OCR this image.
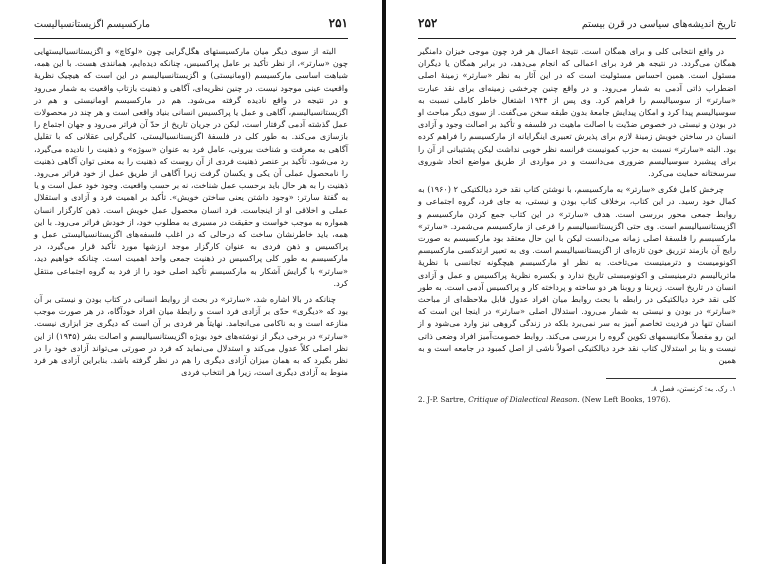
۲۵۱
مارکسیسم اگزیستانسیالیست

البته از سوی دیگر میان مارکسیستهای هگل‌گرایی چون «لوکاچ» و اگزیستانسیالیستهایی چون «سارتر»، از نظر تأکید بر عامل پراکسیس، چنانکه دیده‌ایم، همانندی هست. با این همه، شباهت اساسی مارکسیسم (اومانیستی) و اگزیستانسیالیسم در این است که هیچیک نظریهٔ واقعیت عینی موجود نیست. در چنین نظریه‌ای، آگاهی و ذهنیت بازتاب واقعیت به شمار می‌رود و در نتیجه در واقع نادیده گرفته می‌شود. هم در مارکسیسم اومانیستی و هم در اگزیستانسیالیسم، آگاهی و عمل یا پراکسیس انسانی بنیاد واقعی است و هر چند در محصولات عمل گذشته آدمی گرفتار است، لیکن در جریان تاریخ از حدّ آن فراتر می‌رود و جهان اجتماع را بازسازی می‌کند. به طور کلی در فلسفهٔ اگزیستانسیالیستی، کلی‌گرایی عقلانی که با تقلیل آگاهی به معرفت و شناخت بیرونی، عامل فرد به عنوان «سوژه» و ذهنیت را نادیده می‌گیرد، رد می‌شود. تأکید بر عنصر ذهنیت فردی از آن روست که ذهنیت را به معنی توان آگاهی ذهنیت را نامحصول عملی آن یکی و یکسان گرفت زیرا آگاهی از طریق عمل از خود فراتر می‌رود. ذهنیت را به هر حال باید برحسب عمل شناخت، نه بر حسب واقعیت. وجود خود عمل است و یا به گفتهٔ سارتر: «وجود داشتن یعنی ساختن خویش». تأکید بر اهمیت فرد و آزادی و استقلال عملی و اخلاقی او از اینجاست. فرد انسان محصول عمل خویش است. ذهن کارگزار انسان همواره به موجب خواست و حقیقت در مسیری به مطلوب خود، از خودش فراتر می‌رود. با این همه، باید خاطرنشان ساخت که درحالی که در اغلب فلسفه‌های اگزیستانسیالیستی عمل و پراکسیس و ذهن فردی به عنوان کارگزار موجد ارزشها مورد تأکید قرار می‌گیرد، در مارکسیسم به طور کلی پراکسیس در ذهنیت جمعی واحد اهمیت است. چنانکه خواهیم دید، «سارتر» با گرایش آشکار به مارکسیسم تأکید اصلی خود را از فرد به گروه اجتماعی منتقل کرد.

چنانکه در بالا اشاره شد، «سارتر» در بحث از روابط انسانی در کتاب بودن و نیستی بر آن بود که «دیگری» حدّی بر آزادی فرد است و رابطهٔ میان افراد خودآگاه، در هر صورت موجب منازعه است و به ناکامی می‌انجامد. نهایتاً هر فردی بر آن است که دیگری جز ابزاری نیست. «سارتر» در برخی دیگر از نوشته‌های خود بویژه اگزیستانسیالیسم و اصالت بشر (۱۹۴۵) از این نظر اصلی کلاً عدول می‌کند و استدلال می‌نماید که فرد در صورتی می‌تواند آزادی خود را در نظر بگیرد که به همان میزان آزادی دیگری را هم در نظر گرفته باشد. بنابراین آزادی هر فرد منوط به آزادی دیگری است، زیرا هر انتخاب فردی

تاریخ اندیشه‌های سیاسی در قرن بیستم
۲۵۲

در واقع انتخابی کلی و برای همگان است. نتیجهٔ اعمال هر فرد چون موجی خیزان دامنگیر همگان می‌گردد. در نتیجه هر فرد برای اعمالی که انجام می‌دهد، در برابر همگان یا دیگران مسئول است. همین احساس مسئولیت است که در این آثار به نظر «سارتر» زمینهٔ اصلی اضطراب ذاتی آدمی به شمار می‌رود. و در واقع چنین چرخشی زمینه‌ای برای نقد عبارت «سارتر» از سوسیالیسم را فراهم کرد. وی پس از ۱۹۴۴ اشتغال خاطر کاملی نسبت به سوسیالیسم پیدا کرد و امکان پیدایش جامعهٔ بدون طبقه سخن می‌گفت. از سوی دیگر مباحث او در بودن و نیستی در خصوص ضدّیت با اصالت ماهیت در فلسفه و تأکید بر اصالت وجود و آزادی انسان در ساختن خویش زمینهٔ لازم برای پذیرش تعبیری اینگرایانه از مارکسیسم را فراهم کرده بود. البته «سارتر» نسبت به حزب کمونیست فرانسه نظر خوبی نداشت لیکن پشتیبانی از آن را برای پیشبرد سوسیالیسم ضروری می‌دانست و در مواردی از طریق مواضع اتحاد شوروی سرسختانه حمایت می‌کرد.

چرخش کامل فکری «سارتر» به مارکسیسم، با نوشتن کتاب نقد خرد دیالکتیکی ۲ (۱۹۶۰) به کمال خود رسید. در این کتاب، برخلاف کتاب بودن و نیستی، به جای فرد، گروه اجتماعی و روابط جمعی محور بررسی است. هدف «سارتر» در این کتاب جمع کردن مارکسیسم و اگزیستانسیالیسم است. وی حتی اگزیستانسیالیسم را فرعی از مارکسیسم می‌شمرد. «سارتر» مارکسیسم را فلسفهٔ اصلی زمانه می‌دانست لیکن با این حال معتقد بود مارکسیسم به صورت رایج آن بازمند تزریق خون تازه‌ای از اگزیستانسیالیسم است. وی به تعبیر ارتدکسی مارکسیسم اکونومیست و دترمینیست می‌تاخت. به نظر او مارکسیسم هیچگونه تجانسی با نظریهٔ ماتریالیسم دترمینیستی و اکونومیستی تاریخ ندارد و بکسره نظریهٔ پراکسیس و عمل و آزادی انسان در تاریخ است. زیربنا و روبنا هر دو ساخته و پرداخته کار و پراکسیس آدمی است. به طور کلی نقد خرد دیالکتیکی در رابطه با بحث روابط میان افراد عدول قابل ملاحظه‌ای از مباحث «سارتر» در بودن و نیستی به شمار می‌رود. استدلال اصلی «سارتر» در اینجا این است که انسان تنها در فردیت تخاصم آمیز به سر نمی‌برد بلکه در زندگی گروهی نیز وارد می‌شود و از این رو مفصلاً مکانیسمهای تکوین گروه را بررسی می‌کند. روابط خصومت‌آمیز افراد وضعی ذاتی نیست و بنا بر استدلال کتاب نقد خرد دیالکتیکی اصولاً ناشی از اصل کمبود در جامعه است و به همین

۱. رک. به: کرنستن، فصل ۸.
2. J-P. Sartre, Critique of Dialectical Reason. (New Left Books, 1976).
